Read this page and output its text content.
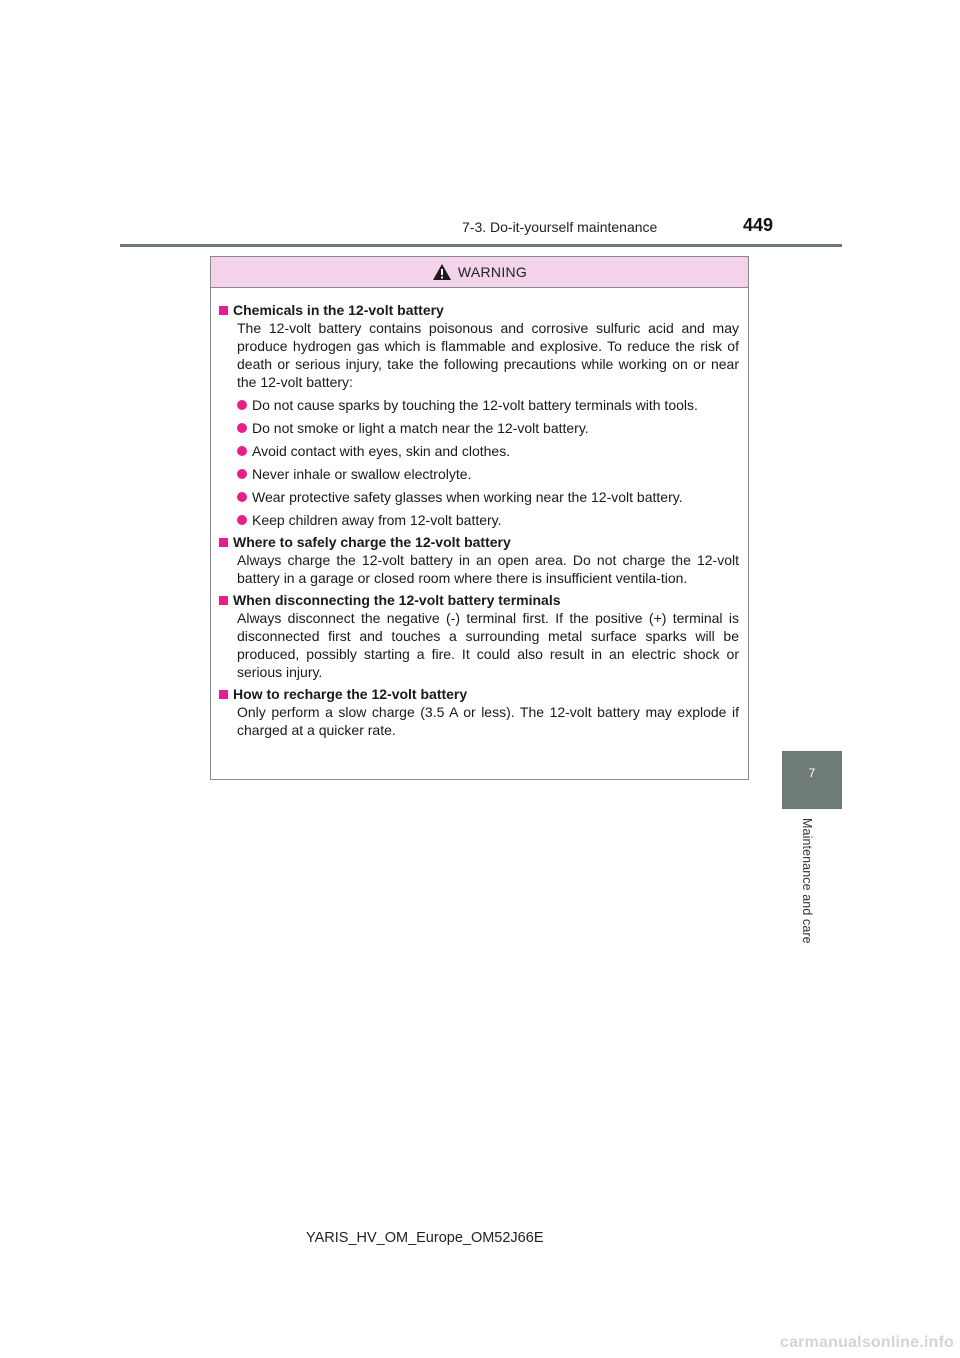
7-3. Do-it-yourself maintenance	449
7
Maintenance and care
WARNING
Chemicals in the 12-volt battery
The 12-volt battery contains poisonous and corrosive sulfuric acid and may produce hydrogen gas which is flammable and explosive. To reduce the risk of death or serious injury, take the following precautions while working on or near the 12-volt battery:
Do not cause sparks by touching the 12-volt battery terminals with tools.
Do not smoke or light a match near the 12-volt battery.
Avoid contact with eyes, skin and clothes.
Never inhale or swallow electrolyte.
Wear protective safety glasses when working near the 12-volt battery.
Keep children away from 12-volt battery.
Where to safely charge the 12-volt battery
Always charge the 12-volt battery in an open area. Do not charge the 12-volt battery in a garage or closed room where there is insufficient ventila-tion.
When disconnecting the 12-volt battery terminals
Always disconnect the negative (-) terminal first. If the positive (+) terminal is disconnected first and touches a surrounding metal surface sparks will be produced, possibly starting a fire. It could also result in an electric shock or serious injury.
How to recharge the 12-volt battery
Only perform a slow charge (3.5 A or less). The 12-volt battery may explode if charged at a quicker rate.
YARIS_HV_OM_Europe_OM52J66E
carmanualsonline.info
